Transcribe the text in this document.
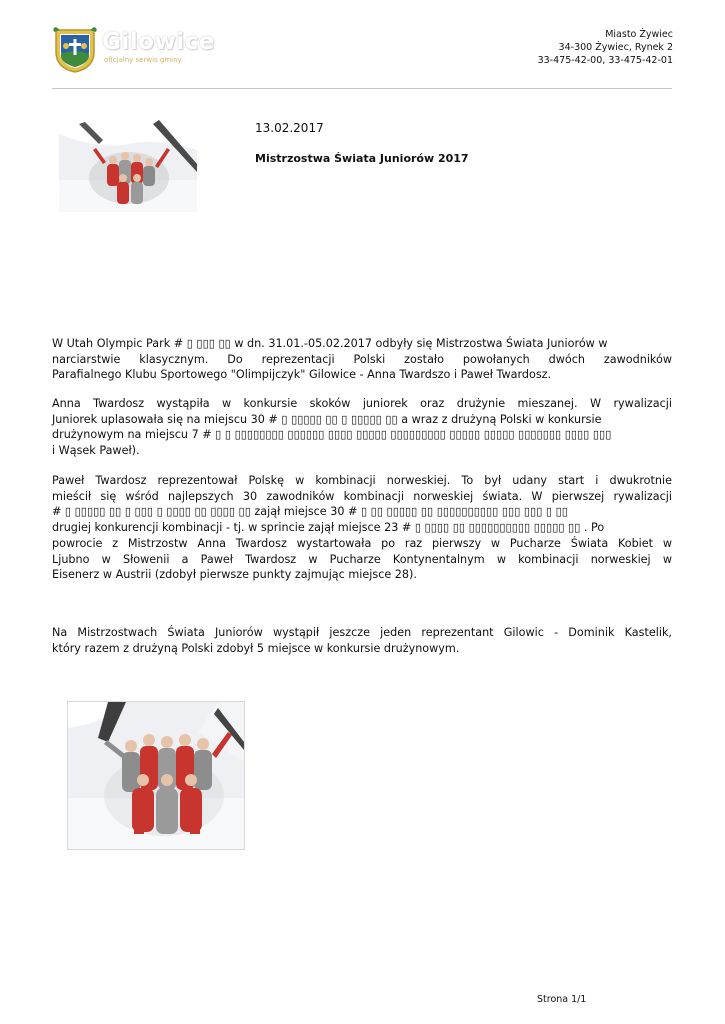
Gilowice
oficjalny serwis gminy
Miasto Żywiec
34-300 Żywiec, Rynek 2
33-475-42-00, 33-475-42-01
13.02.2017
Mistrzostwa Świata Juniorów 2017
W Utah Olympic Park # ▯ ▯▯▯ ▯▯ w dn. 31.01.-05.02.2017 odbyły się Mistrzostwa Świata Juniorów w
narciarstwie klasycznym. Do reprezentacji Polski zostało powołanych dwóch zawodników
Parafialnego Klubu Sportowego "Olimpijczyk" Gilowice - Anna Twardszo i Paweł Twardosz.
Anna Twardosz wystąpiła w konkursie skoków juniorek oraz drużynie mieszanej. W rywalizacji
Juniorek uplasowała się na miejscu 30 # ▯ ▯▯▯▯▯ ▯▯ ▯ ▯▯▯▯▯ ▯▯ a wraz z drużyną Polski w konkursie
drużynowym na miejscu 7 # ▯ ▯ ▯▯▯▯▯▯▯▯ ▯▯▯▯▯▯ ▯▯▯▯ ▯▯▯▯▯ ▯▯▯▯▯▯▯▯▯ ▯▯▯▯▯ ▯▯▯▯▯ ▯▯▯▯▯▯▯ ▯▯▯▯ ▯▯▯
i Wąsek Paweł).
Paweł Twardosz reprezentował Polskę w kombinacji norweskiej. To był udany start i dwukrotnie
mieścił się wśród najlepszych 30 zawodników kombinacji norweskiej świata. W pierwszej rywalizacji
# ▯ ▯▯▯▯▯ ▯▯ ▯ ▯▯▯ ▯ ▯▯▯▯ ▯▯ ▯▯▯▯ ▯▯ zajął miejsce 30 # ▯ ▯▯ ▯▯▯▯▯ ▯▯ ▯▯▯▯▯▯▯▯▯▯ ▯▯▯ ▯▯▯ ▯ ▯▯
drugiej konkurencji kombinacji - tj. w sprincie zajął miejsce 23 # ▯ ▯▯▯▯ ▯▯ ▯▯▯▯▯▯▯▯▯▯ ▯▯▯▯▯ ▯▯ . Po
powrocie z Mistrzostw Anna Twardosz wystartowała po raz pierwszy w Pucharze Świata Kobiet w
Ljubno w Słowenii a Paweł Twardosz w Pucharze Kontynentalnym w kombinacji norweskiej w
Eisenerz w Austrii (zdobył pierwsze punkty zajmując miejsce 28).
Na Mistrzostwach Świata Juniorów wystąpił jeszcze jeden reprezentant Gilowic - Dominik Kastelik,
który razem z drużyną Polski zdobył 5 miejsce w konkursie drużynowym.
Strona 1/1
